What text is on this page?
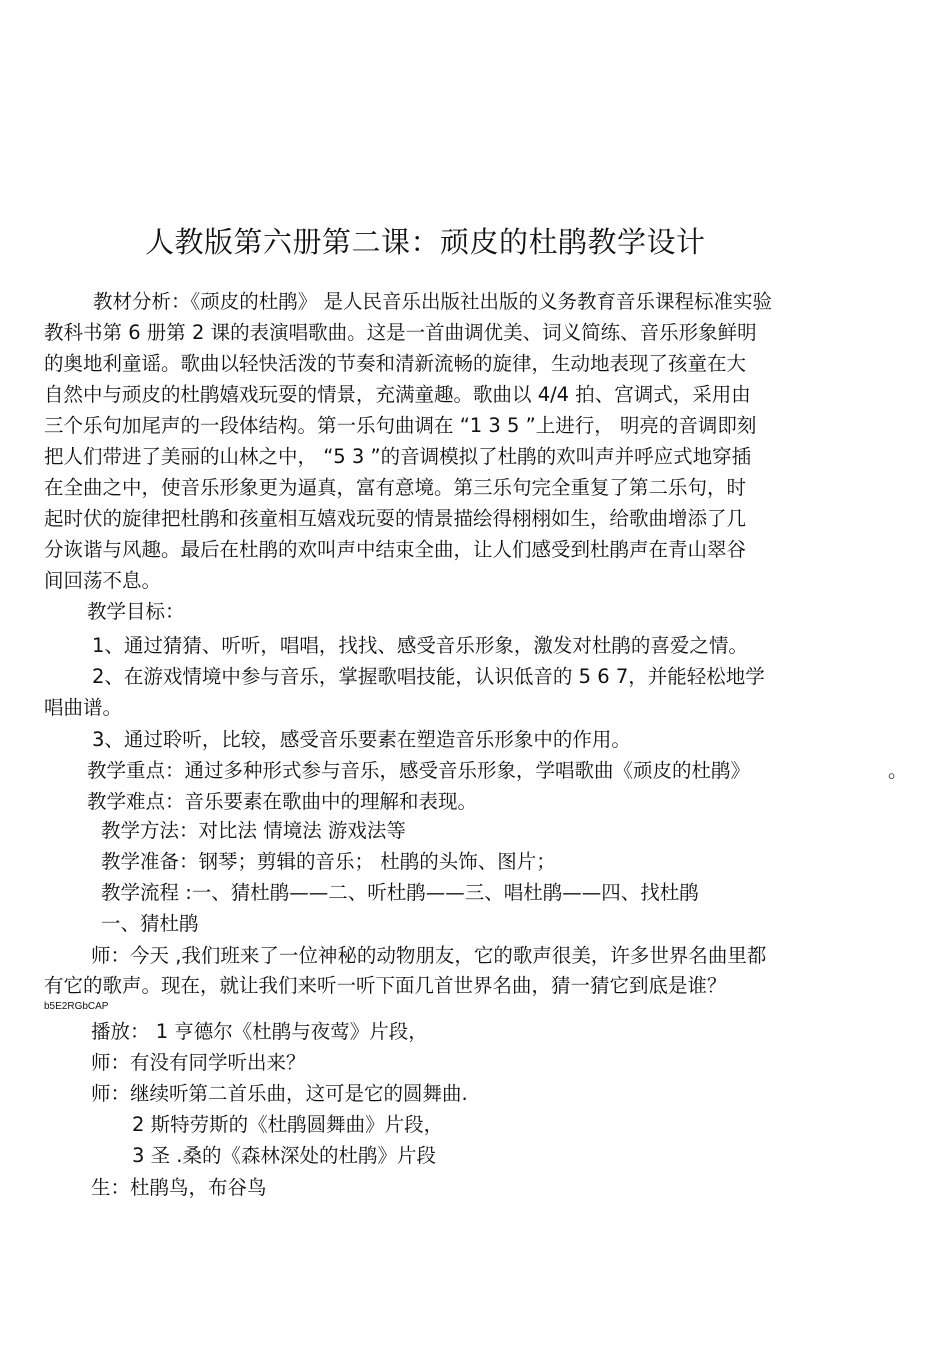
人教版第六册第二课：顽皮的杜鹃教学设计
教材分析：《顽皮的杜鹃》 是人民音乐出版社出版的义务教育音乐课程标准实验
教科书第 6 册第 2 课的表演唱歌曲。这是一首曲调优美、词义简练、音乐形象鲜明
的奥地利童谣。歌曲以轻快活泼的节奏和清新流畅的旋律，生动地表现了孩童在大
自然中与顽皮的杜鹃嬉戏玩耍的情景，充满童趣。歌曲以 4/4 拍、宫调式，采用由
三个乐句加尾声的一段体结构。第一乐句曲调在 “1 3 5 ”上进行， 明亮的音调即刻
把人们带进了美丽的山林之中， “5 3 ”的音调模拟了杜鹃的欢叫声并呼应式地穿插
在全曲之中，使音乐形象更为逼真，富有意境。第三乐句完全重复了第二乐句，时
起时伏的旋律把杜鹃和孩童相互嬉戏玩耍的情景描绘得栩栩如生，给歌曲增添了几
分诙谐与风趣。最后在杜鹃的欢叫声中结束全曲，让人们感受到杜鹃声在青山翠谷
间回荡不息。
教学目标：
1、通过猜猜、听听，唱唱，找找、感受音乐形象，激发对杜鹃的喜爱之情。
2、在游戏情境中参与音乐，掌握歌唱技能，认识低音的 5 6 7，并能轻松地学
唱曲谱。
3、通过聆听，比较，感受音乐要素在塑造音乐形象中的作用。
教学重点：通过多种形式参与音乐，感受音乐形象，学唱歌曲《顽皮的杜鹃》	。
教学难点：音乐要素在歌曲中的理解和表现。
教学方法：对比法 情境法 游戏法等
教学准备：钢琴；剪辑的音乐； 杜鹃的头饰、图片；
教学流程 :一、猜杜鹃——二、听杜鹃——三、唱杜鹃——四、找杜鹃
一、猜杜鹃
师：今天 ,我们班来了一位神秘的动物朋友，它的歌声很美，许多世界名曲里都
有它的歌声。现在，就让我们来听一听下面几首世界名曲，猜一猜它到底是谁？
b5E2RGbCAP
播放： 1 亨德尔《杜鹃与夜莺》片段，
师：有没有同学听出来？
师：继续听第二首乐曲，这可是它的圆舞曲.
2 斯特劳斯的《杜鹃圆舞曲》片段，
3 圣 .桑的《森林深处的杜鹃》片段
生：杜鹃鸟，布谷鸟
